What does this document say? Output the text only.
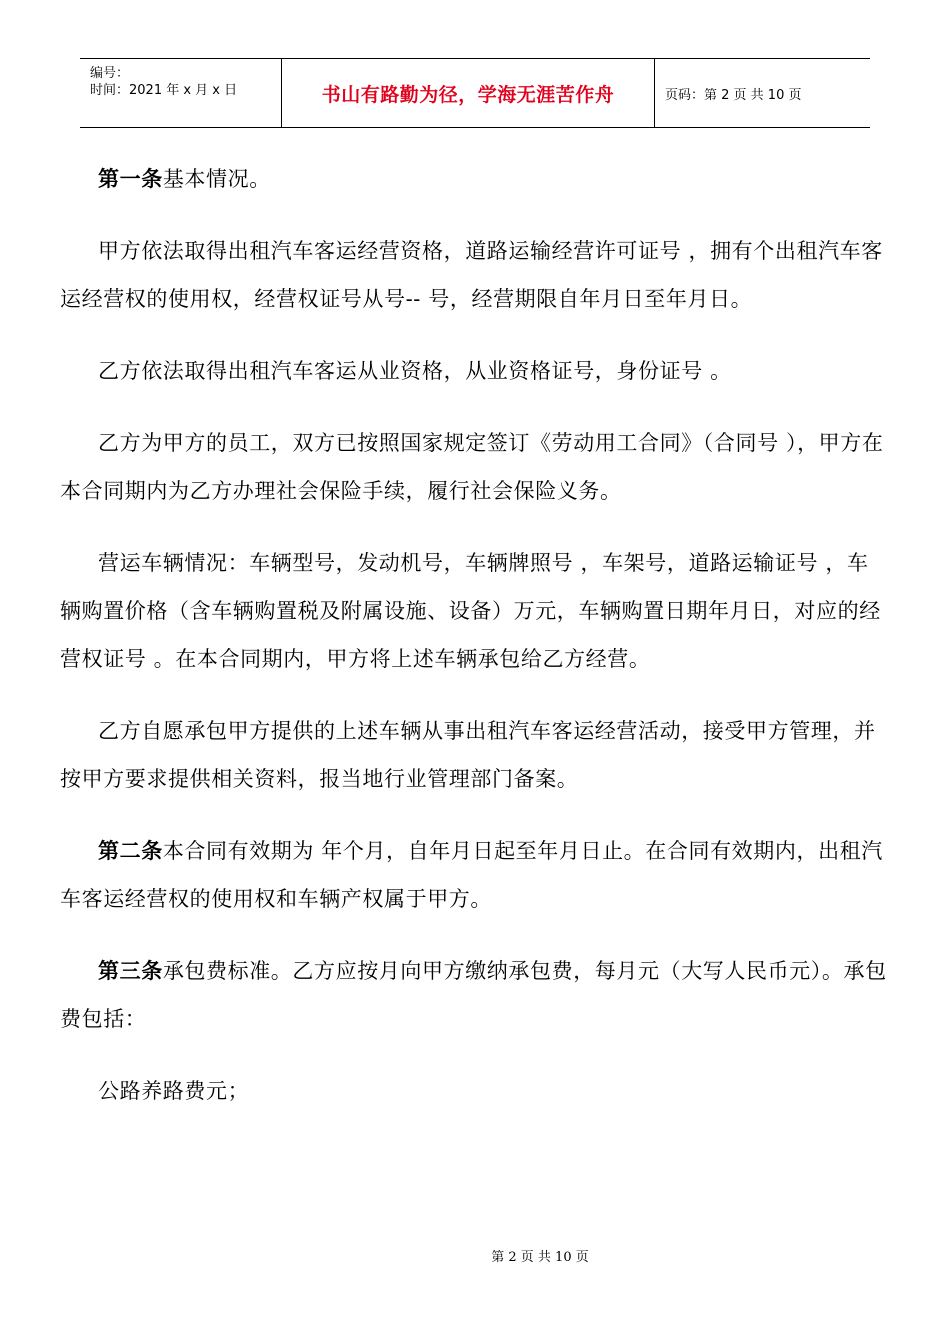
编号：
时间：2021 年 x 月 x 日	书山有路勤为径，学海无涯苦作舟	页码：第 2 页 共 10 页

第一条基本情况。

甲方依法取得出租汽车客运经营资格，道路运输经营许可证号 ，拥有个出租汽车客运经营权的使用权，经营权证号从号-- 号，经营期限自年月日至年月日。

乙方依法取得出租汽车客运从业资格，从业资格证号，身份证号 。

乙方为甲方的员工，双方已按照国家规定签订《劳动用工合同》（合同号 ），甲方在本合同期内为乙方办理社会保险手续，履行社会保险义务。

营运车辆情况：车辆型号，发动机号，车辆牌照号 ，车架号，道路运输证号 ，车辆购置价格（含车辆购置税及附属设施、设备）万元，车辆购置日期年月日，对应的经营权证号 。在本合同期内，甲方将上述车辆承包给乙方经营。

乙方自愿承包甲方提供的上述车辆从事出租汽车客运经营活动，接受甲方管理，并按甲方要求提供相关资料，报当地行业管理部门备案。

第二条本合同有效期为 年个月，自年月日起至年月日止。在合同有效期内，出租汽车客运经营权的使用权和车辆产权属于甲方。

第三条承包费标准。乙方应按月向甲方缴纳承包费，每月元（大写人民币元）。承包费包括：

公路养路费元；

第 2 页 共 10 页
